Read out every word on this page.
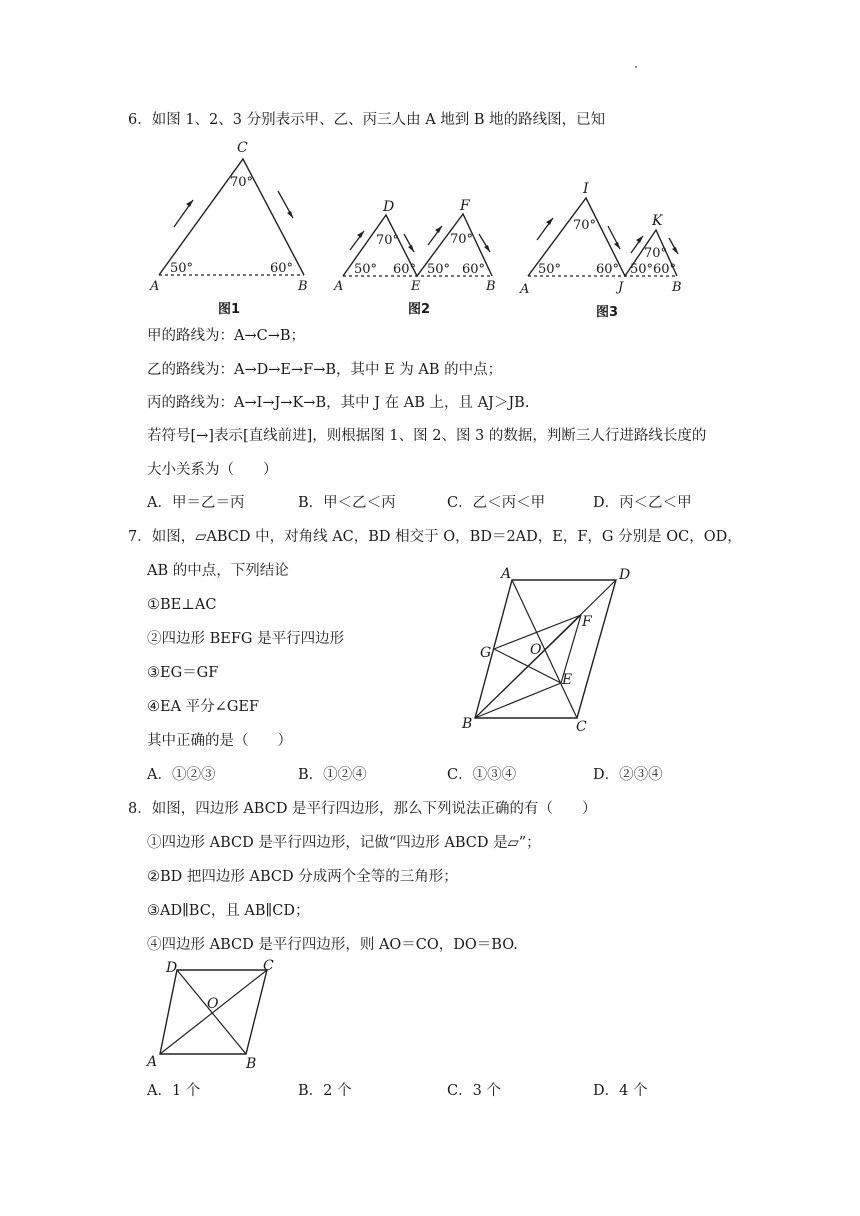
6．如图 1、2、3 分别表示甲、乙、丙三人由 A 地到 B 地的路线图，已知
C
70°
50°	60°
A	B
图1
D	F
70°	70°
50° 60° 50° 60°
A	E	B
图2
I
K
70°
70°
50°	60° 50° 60°
A	J	B
图3
甲的路线为：A→C→B；
乙的路线为：A→D→E→F→B，其中 E 为 AB 的中点；
丙的路线为：A→I→J→K→B，其中 J 在 AB 上，且 AJ＞JB.
若符号[→]表示[直线前进]，则根据图 1、图 2、图 3 的数据，判断三人行进路线长度的
大小关系为（　　）
A．甲＝乙＝丙	B．甲＜乙＜丙	C．乙＜丙＜甲	D．丙＜乙＜甲
7．如图，▱ABCD 中，对角线 AC，BD 相交于 O，BD＝2AD，E，F，G 分别是 OC，OD，
AB 的中点，下列结论
①BE⊥AC
②四边形 BEFG 是平行四边形
③EG＝GF
④EA 平分∠GEF
其中正确的是（　　）
A	D
F
O
G
E
B	C
A．①②③	B．①②④	C．①③④	D．②③④
8．如图，四边形 ABCD 是平行四边形，那么下列说法正确的有（　　）
①四边形 ABCD 是平行四边形，记做“四边形 ABCD 是▱”；
②BD 把四边形 ABCD 分成两个全等的三角形；
③AD∥BC，且 AB∥CD；
④四边形 ABCD 是平行四边形，则 AO＝CO，DO＝BO.
D	C
O
A	B
A．1 个	B．2 个	C．3 个	D．4 个
